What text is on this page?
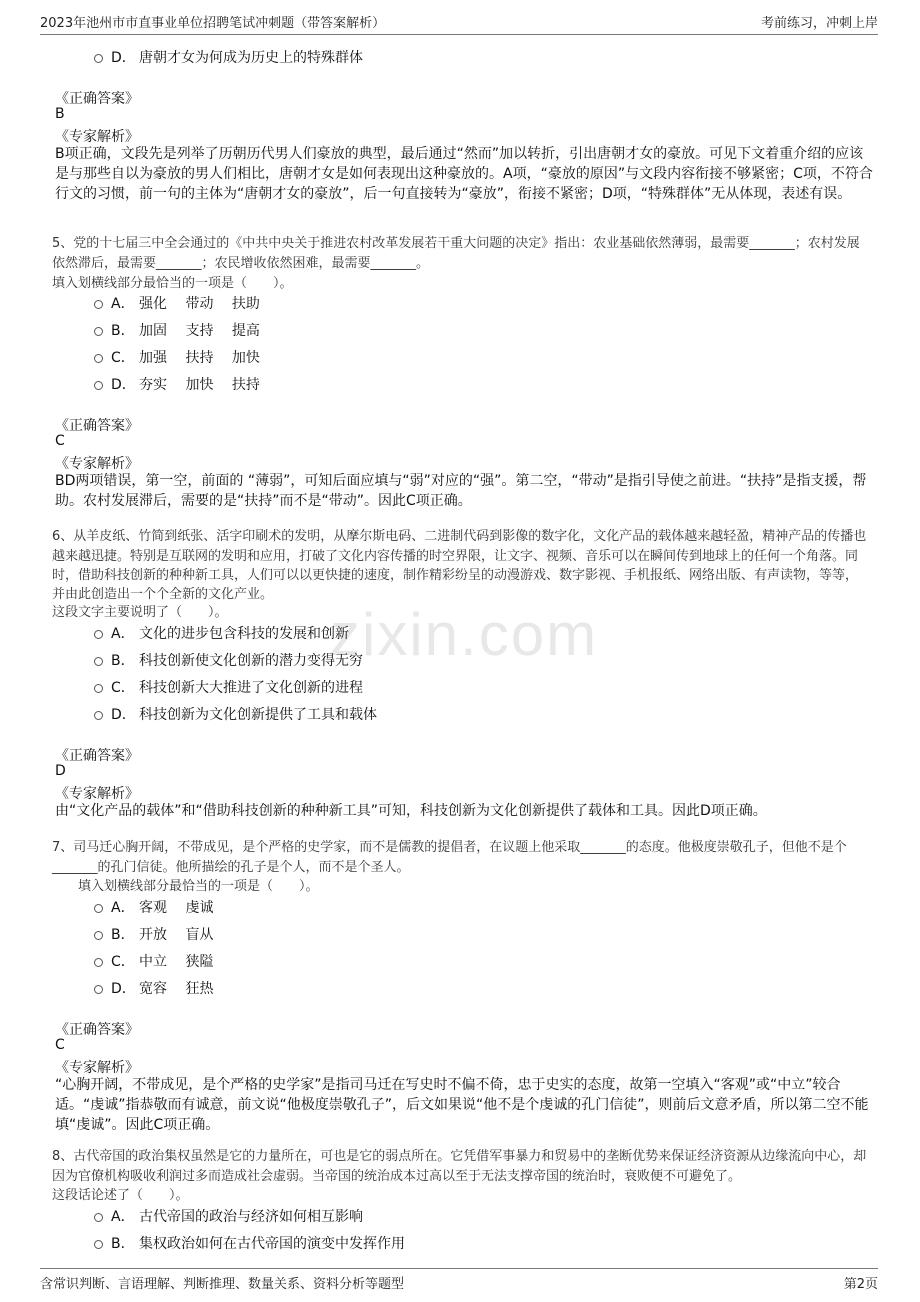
2023年池州市市直事业单位招聘笔试冲刺题（带答案解析）	考前练习，冲刺上岸
zixin.com
D． 唐朝才女为何成为历史上的特殊群体
《正确答案》
B
《专家解析》
B项正确，文段先是列举了历朝历代男人们豪放的典型，最后通过“然而”加以转折，引出唐朝才女的豪放。可见下文着重介绍的应该是与那些自以为豪放的男人们相比，唐朝才女是如何表现出这种豪放的。A项，“豪放的原因”与文段内容衔接不够紧密；C项，不符合行文的习惯，前一句的主体为“唐朝才女的豪放”，后一句直接转为“豪放”，衔接不紧密；D项，“特殊群体”无从体现，表述有误。
5、党的十七届三中全会通过的《中共中央关于推进农村改革发展若干重大问题的决定》指出：农业基础依然薄弱，最需要_______；农村发展
依然滞后，最需要_______；农民增收依然困难，最需要_______。
填入划横线部分最恰当的一项是（　　）。
A． 强化 带动 扶助
B． 加固 支持 提高
C． 加强 扶持 加快
D． 夯实 加快 扶持
《正确答案》
C
《专家解析》
BD两项错误，第一空，前面的 “薄弱”，可知后面应填与“弱”对应的“强”。第二空，“带动”是指引导使之前进。“扶持”是指支援，帮助。农村发展滞后，需要的是“扶持”而不是“带动”。因此C项正确。
6、从羊皮纸、竹简到纸张、活字印刷术的发明，从摩尔斯电码、二进制代码到影像的数字化，文化产品的载体越来越轻盈，精神产品的传播也
越来越迅捷。特别是互联网的发明和应用，打破了文化内容传播的时空界限，让文字、视频、音乐可以在瞬间传到地球上的任何一个角落。同
时，借助科技创新的种种新工具，人们可以以更快捷的速度，制作精彩纷呈的动漫游戏、数字影视、手机报纸、网络出版、有声读物，等等，
并由此创造出一个个全新的文化产业。
这段文字主要说明了（　　）。
A． 文化的进步包含科技的发展和创新
B． 科技创新使文化创新的潜力变得无穷
C． 科技创新大大推进了文化创新的进程
D． 科技创新为文化创新提供了工具和载体
《正确答案》
D
《专家解析》
由“文化产品的载体”和“借助科技创新的种种新工具”可知，科技创新为文化创新提供了载体和工具。因此D项正确。
7、司马迁心胸开阔，不带成见，是个严格的史学家，而不是儒教的提倡者，在议题上他采取_______的态度。他极度崇敬孔子，但他不是个
_______的孔门信徒。他所描绘的孔子是个人，而不是个圣人。
　　填入划横线部分最恰当的一项是（　　）。
A． 客观 虔诚
B． 开放 盲从
C． 中立 狭隘
D． 宽容 狂热
《正确答案》
C
《专家解析》
“心胸开阔，不带成见，是个严格的史学家”是指司马迁在写史时不偏不倚，忠于史实的态度，故第一空填入“客观”或“中立”较合适。“虔诚”指恭敬而有诚意，前文说“他极度崇敬孔子”，后文如果说“他不是个虔诚的孔门信徒”，则前后文意矛盾，所以第二空不能填“虔诚”。因此C项正确。
8、古代帝国的政治集权虽然是它的力量所在，可也是它的弱点所在。它凭借军事暴力和贸易中的垄断优势来保证经济资源从边缘流向中心，却
因为官僚机构吸收利润过多而造成社会虚弱。当帝国的统治成本过高以至于无法支撑帝国的统治时，衰败便不可避免了。
这段话论述了（　　）。
A． 古代帝国的政治与经济如何相互影响
B． 集权政治如何在古代帝国的演变中发挥作用
含常识判断、言语理解、判断推理、数量关系、资料分析等题型	第2页
